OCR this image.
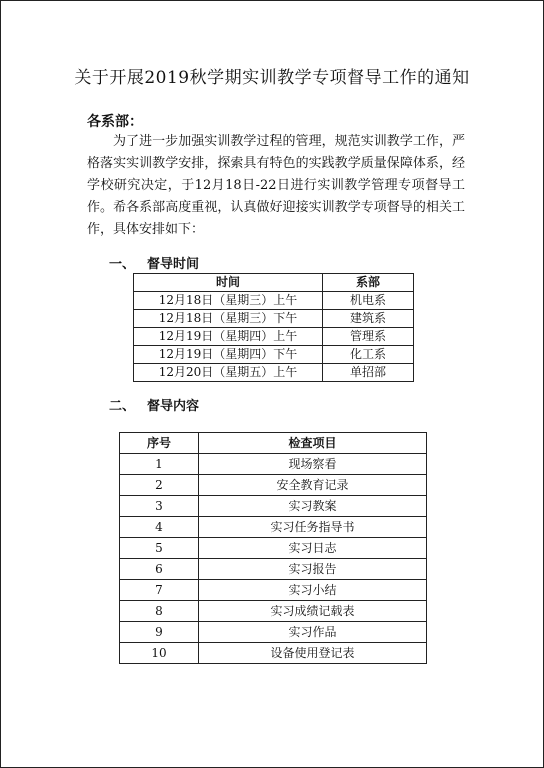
关于开展2019秋学期实训教学专项督导工作的通知
各系部：
为了进一步加强实训教学过程的管理，规范实训教学工作，严格落实实训教学安排，探索具有特色的实践教学质量保障体系，经学校研究决定，于12月18日-22日进行实训教学管理专项督导工作。希各系部高度重视，认真做好迎接实训教学专项督导的相关工作，具体安排如下：
一、 督导时间
时间	系部
12月18日（星期三）上午	机电系
12月18日（星期三）下午	建筑系
12月19日（星期四）上午	管理系
12月19日（星期四）下午	化工系
12月20日（星期五）上午	单招部
二、 督导内容
序号	检查项目
1	现场察看
2	安全教育记录
3	实习教案
4	实习任务指导书
5	实习日志
6	实习报告
7	实习小结
8	实习成绩记载表
9	实习作品
10	设备使用登记表
